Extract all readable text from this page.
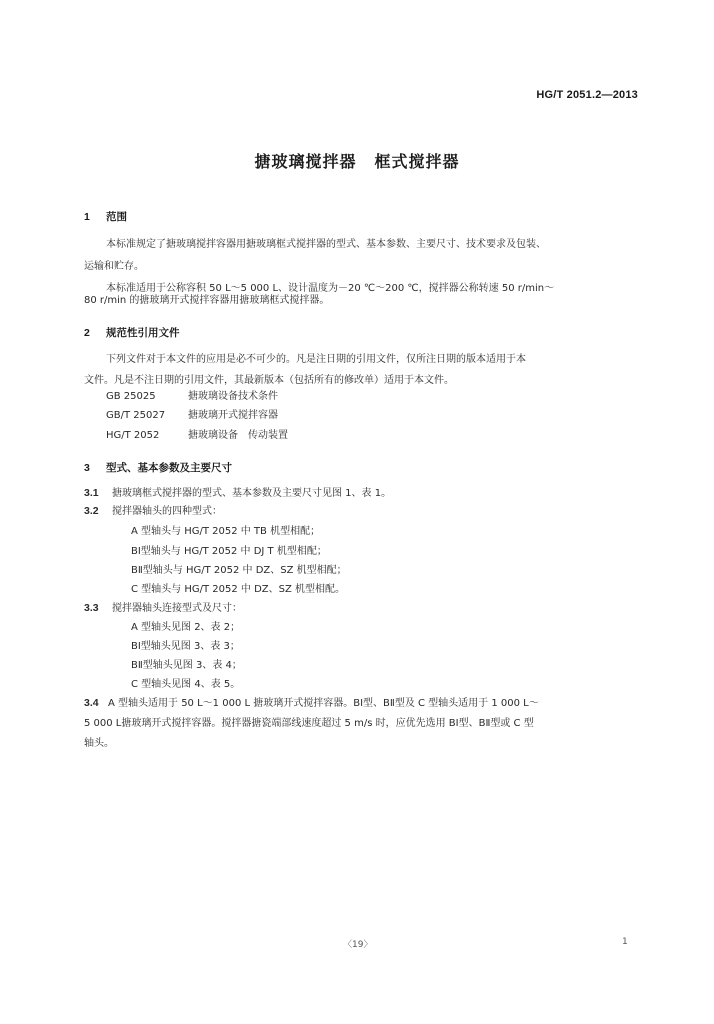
HG/T 2051.2—2013
搪玻璃搅拌器 框式搅拌器
1 范围
本标准规定了搪玻璃搅拌容器用搪玻璃框式搅拌器的型式、基本参数、主要尺寸、技术要求及包装、
运输和贮存。
本标准适用于公称容积 50 L～5 000 L、设计温度为－20 ℃～200 ℃，搅拌器公称转速 50 r/min～
80 r/min 的搪玻璃开式搅拌容器用搪玻璃框式搅拌器。
2 规范性引用文件
下列文件对于本文件的应用是必不可少的。凡是注日期的引用文件，仅所注日期的版本适用于本
文件。凡是不注日期的引用文件，其最新版本（包括所有的修改单）适用于本文件。
GB 25025	搪玻璃设备技术条件
GB/T 25027 搪玻璃开式搅拌容器
HG/T 2052	搪玻璃设备　传动装置
3 型式、基本参数及主要尺寸
3.1 搪玻璃框式搅拌器的型式、基本参数及主要尺寸见图 1、表 1。
3.2 搅拌器轴头的四种型式：
A 型轴头与 HG/T 2052 中 TB 机型相配；
BⅠ型轴头与 HG/T 2052 中 DJ T 机型相配；
BⅡ型轴头与 HG/T 2052 中 DZ、SZ 机型相配；
C 型轴头与 HG/T 2052 中 DZ、SZ 机型相配。
3.3 搅拌器轴头连接型式及尺寸：
A 型轴头见图 2、表 2；
BⅠ型轴头见图 3、表 3；
BⅡ型轴头见图 3、表 4；
C 型轴头见图 4、表 5。
3.4 A 型轴头适用于 50 L～1 000 L 搪玻璃开式搅拌容器。BⅠ型、BⅡ型及 C 型轴头适用于 1 000 L～
5 000 L搪玻璃开式搅拌容器。搅拌器搪瓷端部线速度超过 5 m/s 时，应优先选用 BⅠ型、BⅡ型或 C 型
轴头。
〈19〉	1
